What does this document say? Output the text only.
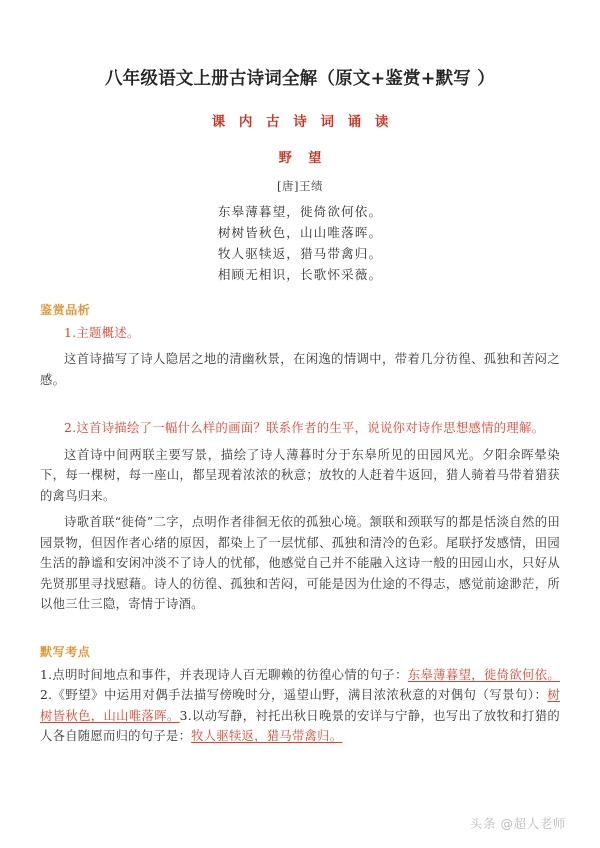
八年级语文上册古诗词全解（原文+鉴赏+默写 ）
课 内 古 诗 词 诵 读
野 望
[唐]王绩
东皋薄暮望，徙倚欲何依。
树树皆秋色，山山唯落晖。
牧人驱犊返，猎马带禽归。
相顾无相识，长歌怀采薇。
鉴赏品析

1.主题概述。

这首诗描写了诗人隐居之地的清幽秋景，在闲逸的情调中，带着几分彷徨、孤独和苦闷之感。

2.这首诗描绘了一幅什么样的画面？联系作者的生平，说说你对诗作思想感情的理解。

这首诗中间两联主要写景，描绘了诗人薄暮时分于东皋所见的田园风光。夕阳余晖晕染下，每一棵树，每一座山，都呈现着浓浓的秋意；放牧的人赶着牛返回，猎人骑着马带着猎获的禽鸟归来。

诗歌首联“徙倚”二字，点明作者徘徊无依的孤独心境。颔联和颈联写的都是恬淡自然的田园景物，但因作者心绪的原因，都染上了一层忧郁、孤独和清冷的色彩。尾联抒发感情，田园生活的静谧和安闲冲淡不了诗人的忧郁，他感觉自己并不能融入这诗一般的田园山水，只好从先贤那里寻找慰藉。诗人的彷徨、孤独和苦闷，可能是因为仕途的不得志，感觉前途渺茫，所以他三仕三隐，寄情于诗酒。

默写考点

1.点明时间地点和事件，并表现诗人百无聊赖的彷徨心情的句子：东皋薄暮望，徙倚欲何依。2.《野望》中运用对偶手法描写傍晚时分，遥望山野，满目浓浓秋意的对偶句（写景句）：树树皆秋色，山山唯落晖。3.以动写静，衬托出秋日晚景的安详与宁静，也写出了放牧和打猎的人各自随愿而归的句子是：牧人驱犊返，猎马带禽归。

头条 @超人老师
